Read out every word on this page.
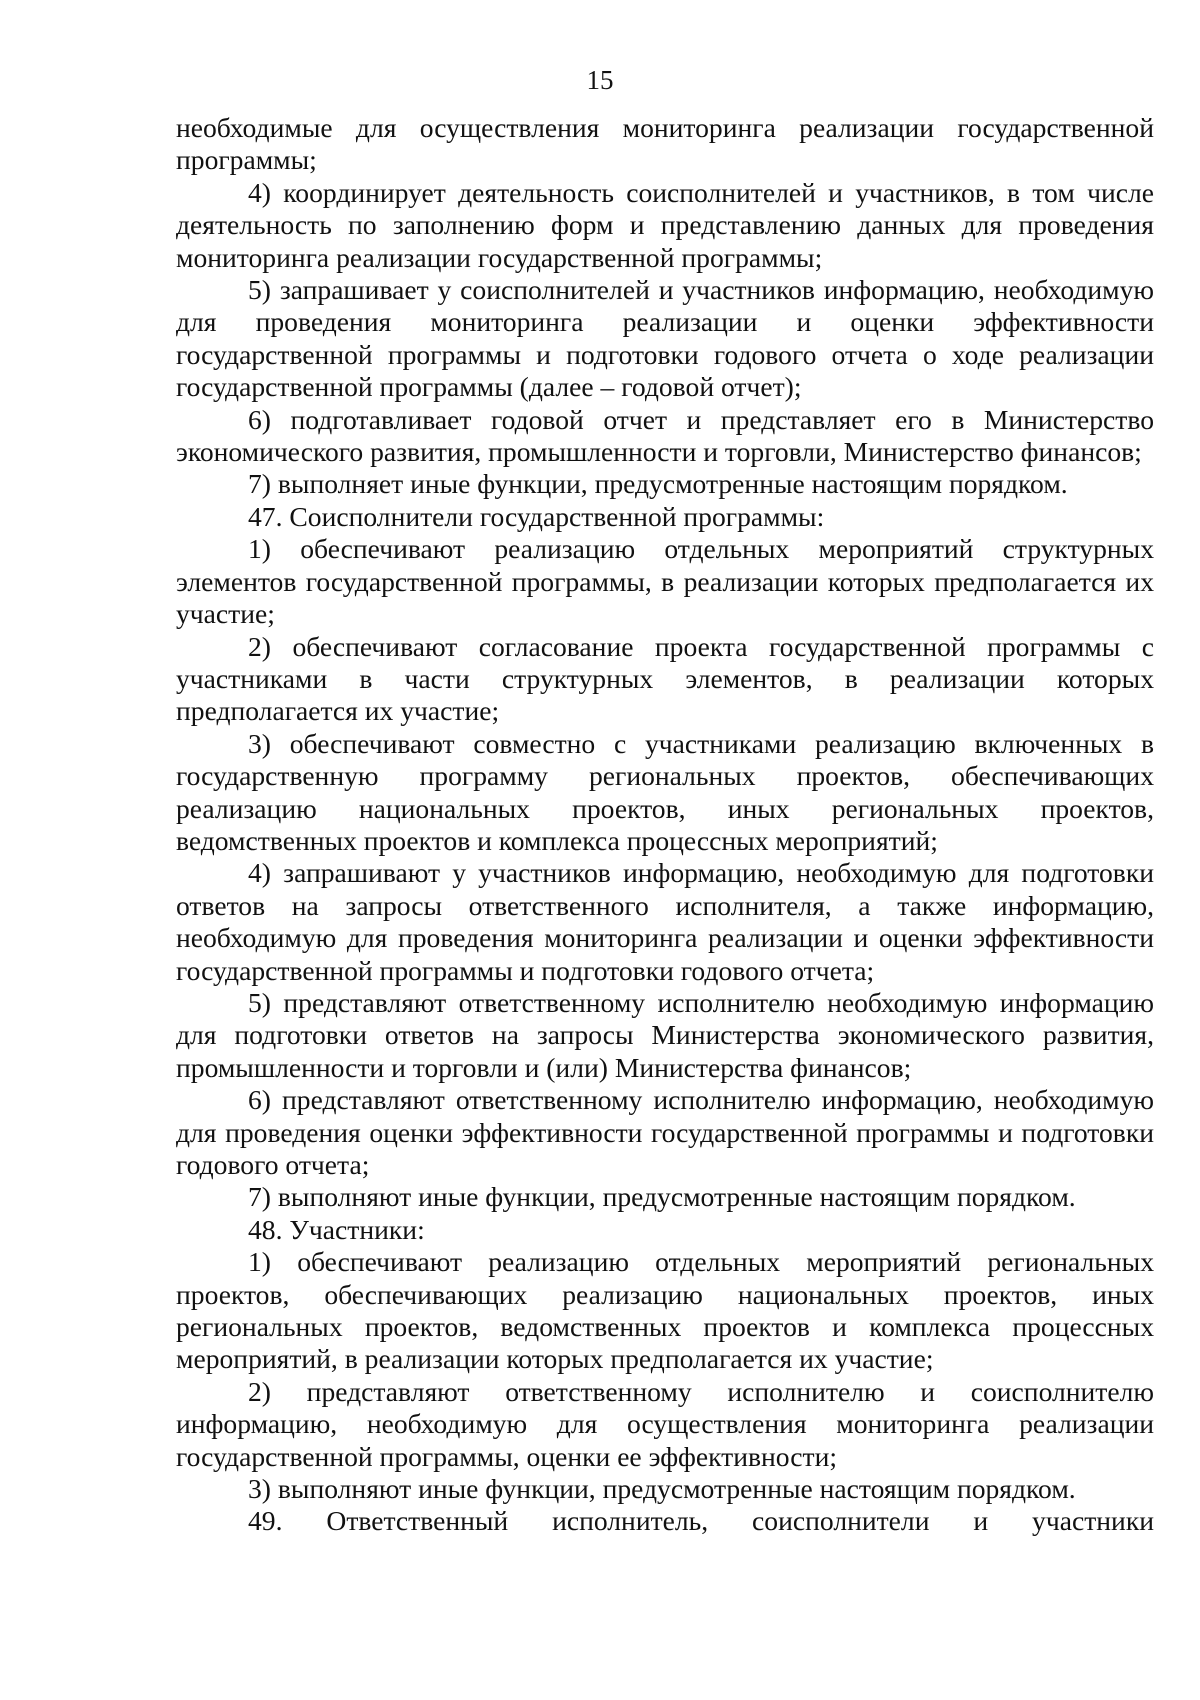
15

необходимые для осуществления мониторинга реализации государственной программы;

4) координирует деятельность соисполнителей и участников, в том числе деятельность по заполнению форм и представлению данных для проведения мониторинга реализации государственной программы;

5) запрашивает у соисполнителей и участников информацию, необходимую для проведения мониторинга реализации и оценки эффективности государственной программы и подготовки годового отчета о ходе реализации государственной программы (далее – годовой отчет);

6) подготавливает годовой отчет и представляет его в Министерство экономического развития, промышленности и торговли, Министерство финансов;

7) выполняет иные функции, предусмотренные настоящим порядком.

47. Соисполнители государственной программы:

1) обеспечивают реализацию отдельных мероприятий структурных элементов государственной программы, в реализации которых предполагается их участие;

2) обеспечивают согласование проекта государственной программы с участниками в части структурных элементов, в реализации которых предполагается их участие;

3) обеспечивают совместно с участниками реализацию включенных в государственную программу региональных проектов, обеспечивающих реализацию национальных проектов, иных региональных проектов, ведомственных проектов и комплекса процессных мероприятий;

4) запрашивают у участников информацию, необходимую для подготовки ответов на запросы ответственного исполнителя, а также информацию, необходимую для проведения мониторинга реализации и оценки эффективности государственной программы и подготовки годового отчета;

5) представляют ответственному исполнителю необходимую информацию для подготовки ответов на запросы Министерства экономического развития, промышленности и торговли и (или) Министерства финансов;

6) представляют ответственному исполнителю информацию, необходимую для проведения оценки эффективности государственной программы и подготовки годового отчета;

7) выполняют иные функции, предусмотренные настоящим порядком.

48. Участники:

1) обеспечивают реализацию отдельных мероприятий региональных проектов, обеспечивающих реализацию национальных проектов, иных региональных проектов, ведомственных проектов и комплекса процессных мероприятий, в реализации которых предполагается их участие;

2) представляют ответственному исполнителю и соисполнителю информацию, необходимую для осуществления мониторинга реализации государственной программы, оценки ее эффективности;

3) выполняют иные функции, предусмотренные настоящим порядком.

49. Ответственный исполнитель, соисполнители и участники
